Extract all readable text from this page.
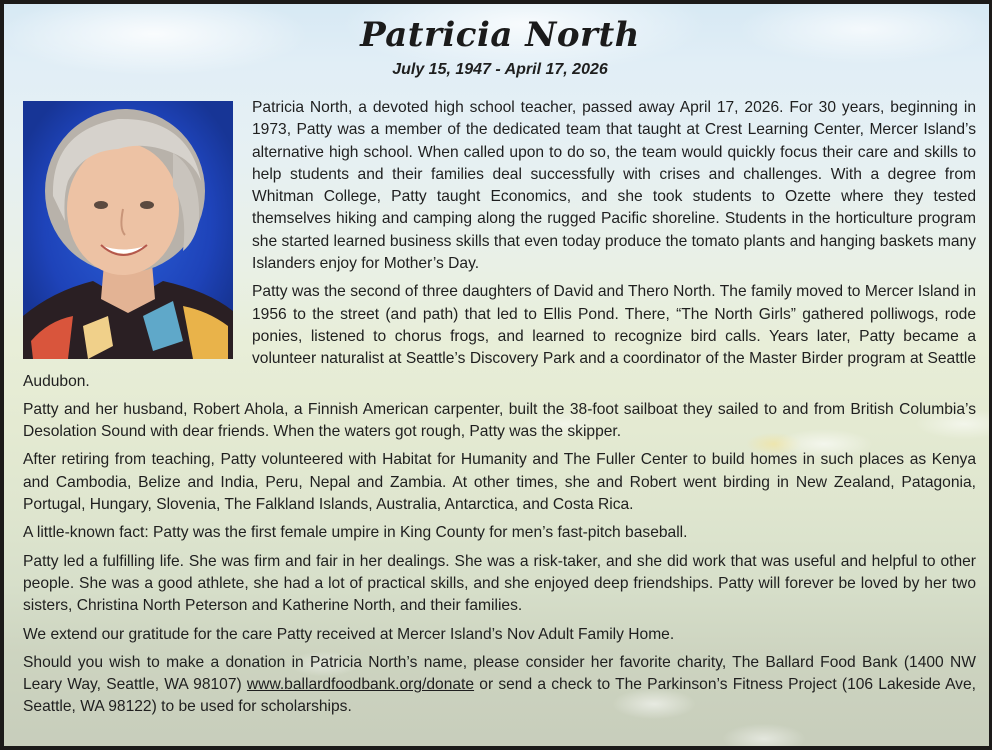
Patricia North
July 15, 1947 - April 17, 2026

Patricia North, a devoted high school teacher, passed away April 17, 2026. For 30 years, beginning in 1973, Patty was a member of the dedicated team that taught at Crest Learning Center, Mercer Island’s alternative high school. When called upon to do so, the team would quickly focus their care and skills to help students and their families deal successfully with crises and challenges. With a degree from Whitman College, Patty taught Economics, and she took students to Ozette where they tested themselves hiking and camping along the rugged Pacific shoreline. Students in the horticulture program she started learned business skills that even today produce the tomato plants and hanging baskets many Islanders enjoy for Mother’s Day.

Patty was the second of three daughters of David and Thero North. The family moved to Mercer Island in 1956 to the street (and path) that led to Ellis Pond. There, “The North Girls” gathered polliwogs, rode ponies, listened to chorus frogs, and learned to recognize bird calls. Years later, Patty became a volunteer naturalist at Seattle’s Discovery Park and a coordinator of the Master Birder program at Seattle Audubon.

Patty and her husband, Robert Ahola, a Finnish American carpenter, built the 38-foot sailboat they sailed to and from British Columbia’s Desolation Sound with dear friends. When the waters got rough, Patty was the skipper.

After retiring from teaching, Patty volunteered with Habitat for Humanity and The Fuller Center to build homes in such places as Kenya and Cambodia, Belize and India, Peru, Nepal and Zambia. At other times, she and Robert went birding in New Zealand, Patagonia, Portugal, Hungary, Slovenia, The Falkland Islands, Australia, Antarctica, and Costa Rica.

A little-known fact: Patty was the first female umpire in King County for men’s fast-pitch baseball.

Patty led a fulfilling life. She was firm and fair in her dealings. She was a risk-taker, and she did work that was useful and helpful to other people. She was a good athlete, she had a lot of practical skills, and she enjoyed deep friendships. Patty will forever be loved by her two sisters, Christina North Peterson and Katherine North, and their families.

We extend our gratitude for the care Patty received at Mercer Island’s Nov Adult Family Home.

Should you wish to make a donation in Patricia North’s name, please consider her favorite charity, The Ballard Food Bank (1400 NW Leary Way, Seattle, WA 98107) www.ballardfoodbank.org/donate or send a check to The Parkinson’s Fitness Project (106 Lakeside Ave, Seattle, WA 98122) to be used for scholarships.
